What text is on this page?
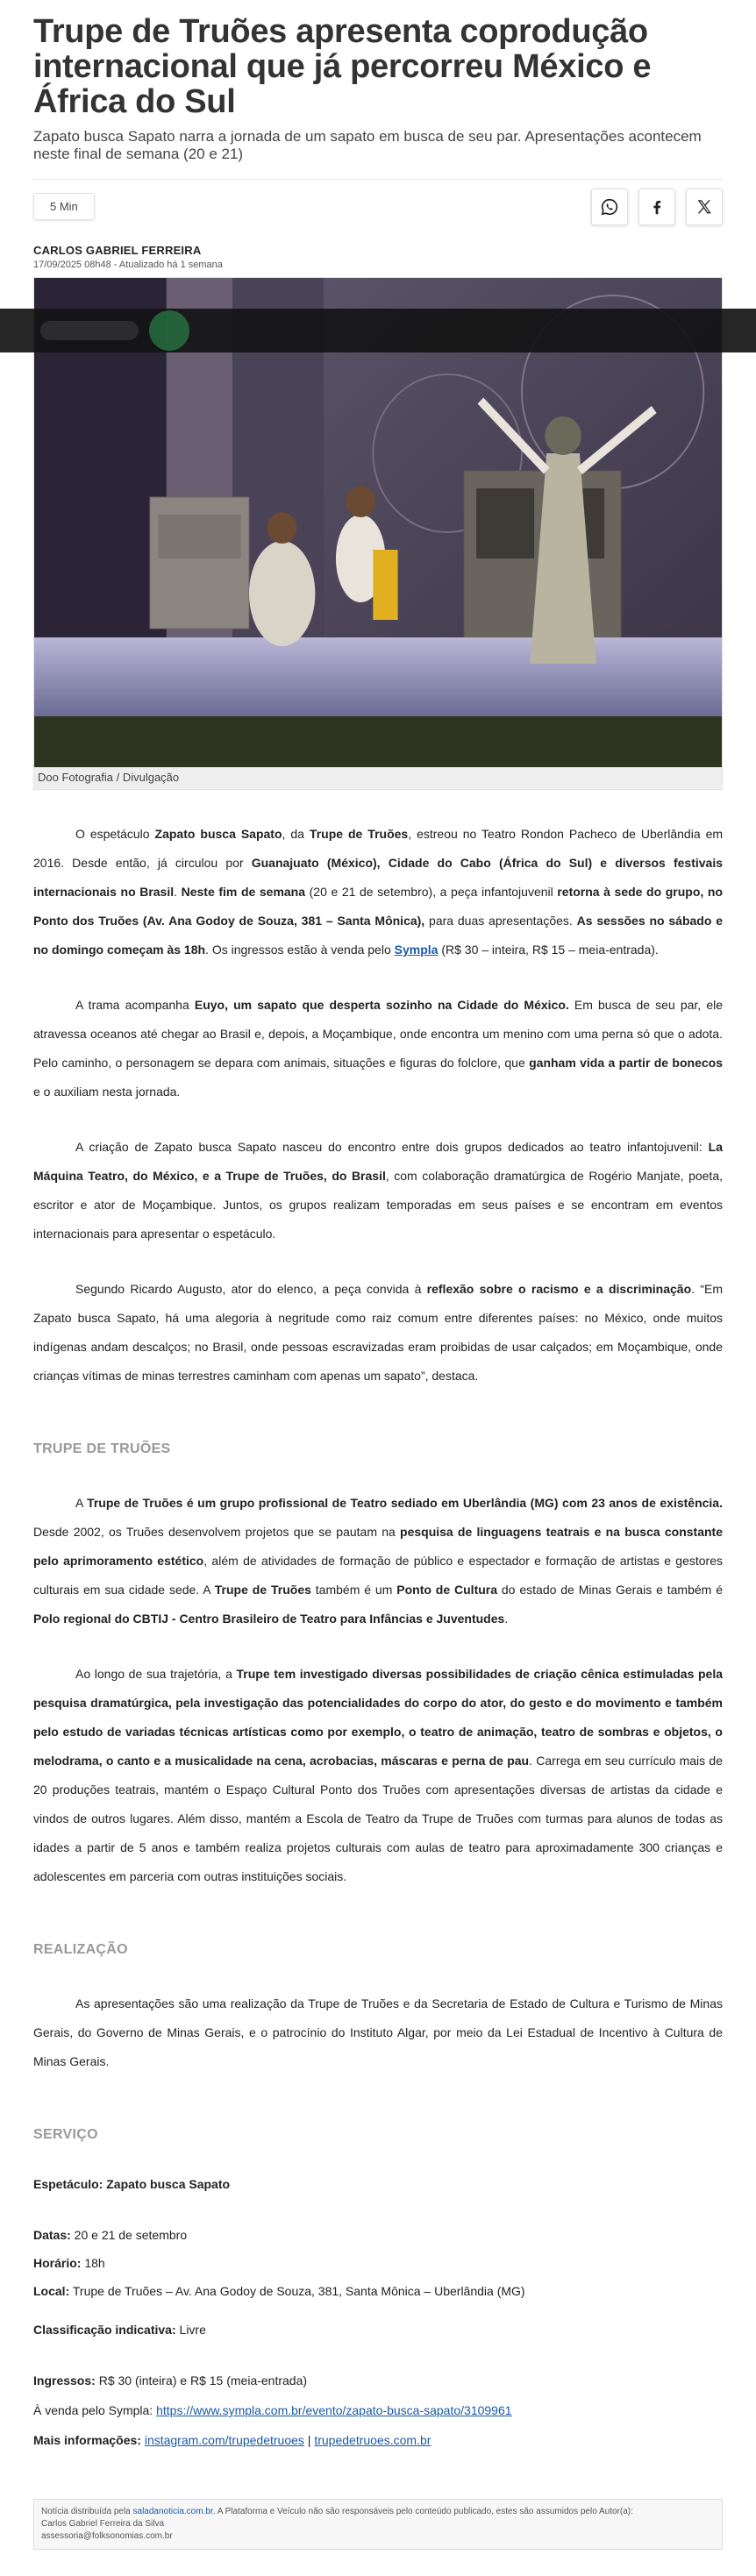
Trupe de Truões apresenta coprodução internacional que já percorreu México e África do Sul

Zapato busca Sapato narra a jornada de um sapato em busca de seu par. Apresentações acontecem neste final de semana (20 e 21)

5 Min
CARLOS GABRIEL FERREIRA
17/09/2025 08h48 - Atualizado há 1 semana
Doo Fotografia / Divulgação

O espetáculo Zapato busca Sapato, da Trupe de Truões, estreou no Teatro Rondon Pacheco de Uberlândia em 2016. Desde então, já circulou por Guanajuato (México), Cidade do Cabo (África do Sul) e diversos festivais internacionais no Brasil. Neste fim de semana (20 e 21 de setembro), a peça infantojuvenil retorna à sede do grupo, no Ponto dos Truões (Av. Ana Godoy de Souza, 381 – Santa Mônica), para duas apresentações. As sessões no sábado e no domingo começam às 18h. Os ingressos estão à venda pelo Sympla (R$ 30 – inteira, R$ 15 – meia-entrada).

A trama acompanha Euyo, um sapato que desperta sozinho na Cidade do México. Em busca de seu par, ele atravessa oceanos até chegar ao Brasil e, depois, a Moçambique, onde encontra um menino com uma perna só que o adota. Pelo caminho, o personagem se depara com animais, situações e figuras do folclore, que ganham vida a partir de bonecos e o auxiliam nesta jornada.

A criação de Zapato busca Sapato nasceu do encontro entre dois grupos dedicados ao teatro infantojuvenil: La Máquina Teatro, do México, e a Trupe de Truões, do Brasil, com colaboração dramatúrgica de Rogério Manjate, poeta, escritor e ator de Moçambique. Juntos, os grupos realizam temporadas em seus países e se encontram em eventos internacionais para apresentar o espetáculo.

Segundo Ricardo Augusto, ator do elenco, a peça convida à reflexão sobre o racismo e a discriminação. “Em Zapato busca Sapato, há uma alegoria à negritude como raiz comum entre diferentes países: no México, onde muitos indígenas andam descalços; no Brasil, onde pessoas escravizadas eram proibidas de usar calçados; em Moçambique, onde crianças vítimas de minas terrestres caminham com apenas um sapato”, destaca.

TRUPE DE TRUÕES

A Trupe de Truões é um grupo profissional de Teatro sediado em Uberlândia (MG) com 23 anos de existência. Desde 2002, os Truões desenvolvem projetos que se pautam na pesquisa de linguagens teatrais e na busca constante pelo aprimoramento estético, além de atividades de formação de público e espectador e formação de artistas e gestores culturais em sua cidade sede. A Trupe de Truões também é um Ponto de Cultura do estado de Minas Gerais e também é Polo regional do CBTIJ - Centro Brasileiro de Teatro para Infâncias e Juventudes.

Ao longo de sua trajetória, a Trupe tem investigado diversas possibilidades de criação cênica estimuladas pela pesquisa dramatúrgica, pela investigação das potencialidades do corpo do ator, do gesto e do movimento e também pelo estudo de variadas técnicas artísticas como por exemplo, o teatro de animação, teatro de sombras e objetos, o melodrama, o canto e a musicalidade na cena, acrobacias, máscaras e perna de pau. Carrega em seu currículo mais de 20 produções teatrais, mantém o Espaço Cultural Ponto dos Truões com apresentações diversas de artistas da cidade e vindos de outros lugares. Além disso, mantém a Escola de Teatro da Trupe de Truões com turmas para alunos de todas as idades a partir de 5 anos e também realiza projetos culturais com aulas de teatro para aproximadamente 300 crianças e adolescentes em parceria com outras instituições sociais.

REALIZAÇÃO

As apresentações são uma realização da Trupe de Truões e da Secretaria de Estado de Cultura e Turismo de Minas Gerais, do Governo de Minas Gerais, e o patrocínio do Instituto Algar, por meio da Lei Estadual de Incentivo à Cultura de Minas Gerais.

SERVIÇO
Espetáculo: Zapato busca Sapato
Datas: 20 e 21 de setembro
Horário: 18h
Local: Trupe de Truões – Av. Ana Godoy de Souza, 381, Santa Mônica – Uberlândia (MG)
Classificação indicativa: Livre
Ingressos: R$ 30 (inteira) e R$ 15 (meia-entrada)
À venda pelo Sympla: https://www.sympla.com.br/evento/zapato-busca-sapato/3109961
Mais informações: instagram.com/trupedetruoes | trupedetruoes.com.br
Notícia distribuída pela saladanoticia.com.br. A Plataforma e Veículo não são responsáveis pelo conteúdo publicado, estes são assumidos pelo Autor(a):
Carlos Gabriel Ferreira da Silva
assessoria@folksonomias.com.br
